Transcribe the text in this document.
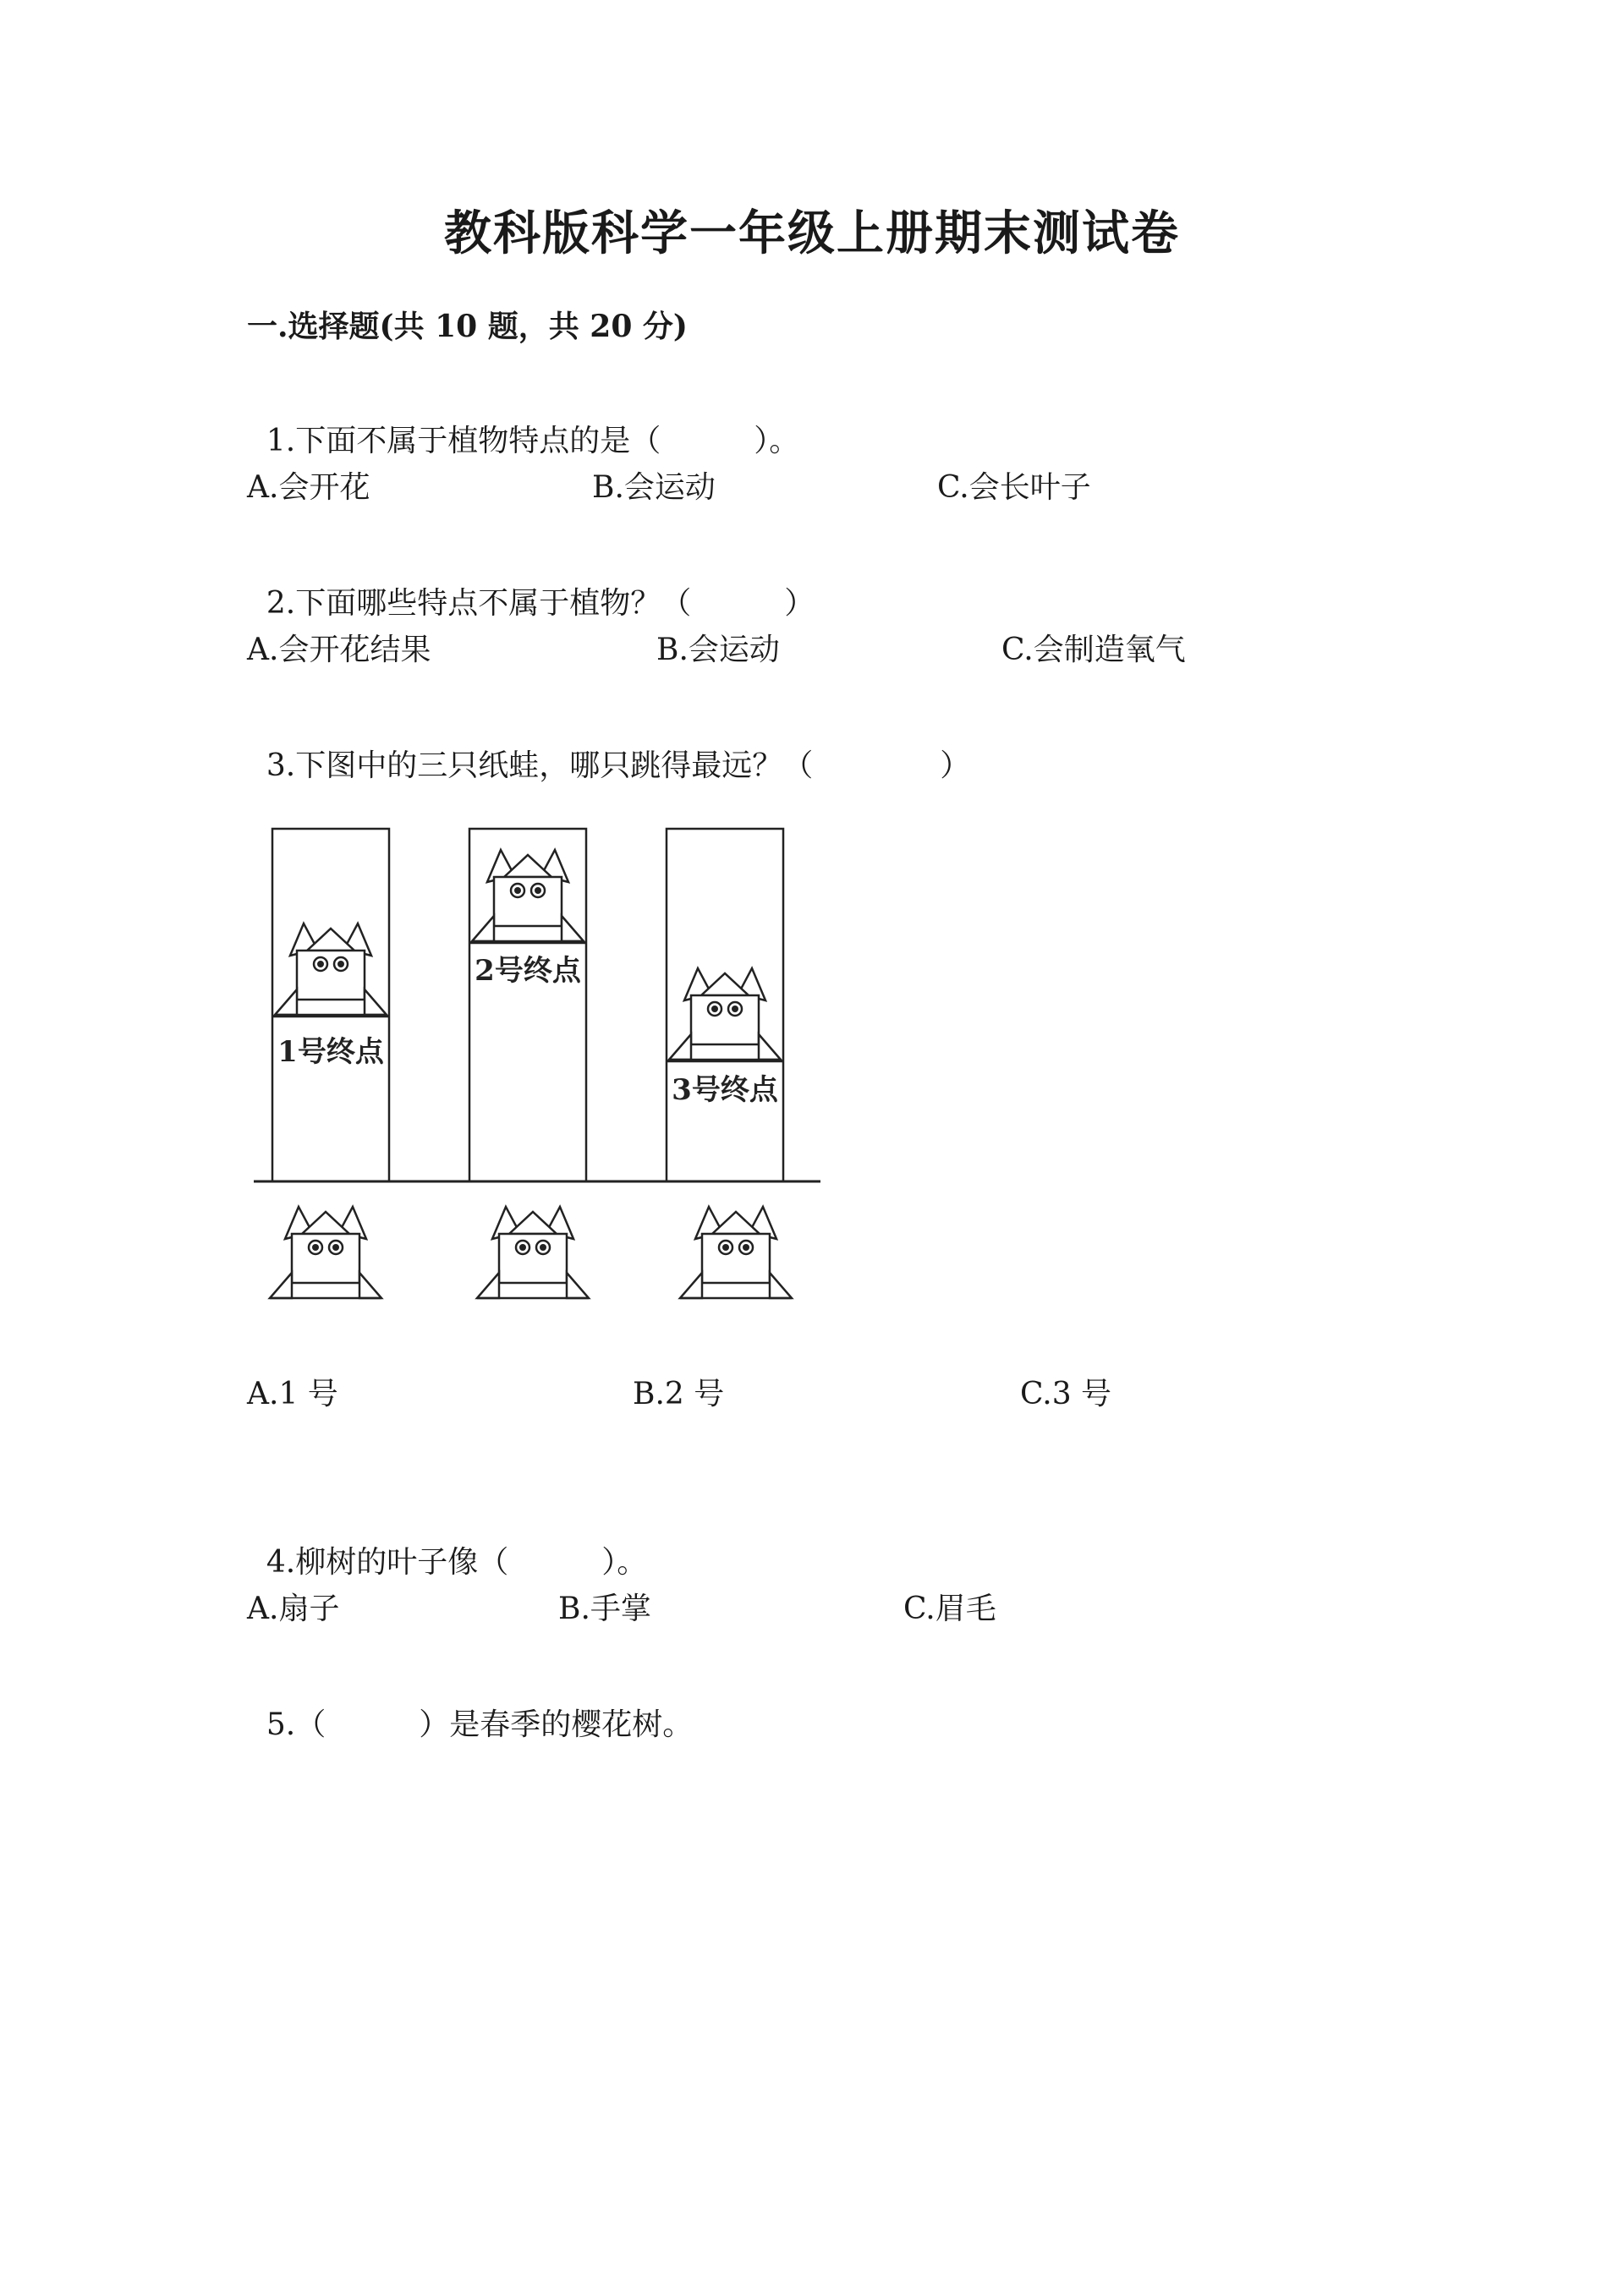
教科版科学一年级上册期末测试卷
一.选择题(共 10 题，共 20 分)

1.下面不属于植物特点的是（	）。

A.会开花	B.会运动	C.会长叶子

2.下面哪些特点不属于植物？（	）

A.会开花结果	B.会运动	C.会制造氧气

3.下图中的三只纸蛙，哪只跳得最远？（	）

1号终点
2号终点
3号终点
A.1 号	B.2 号	C.3 号

4.柳树的叶子像（	）。

A.扇子	B.手掌	C.眉毛

5.（	）是春季的樱花树。
